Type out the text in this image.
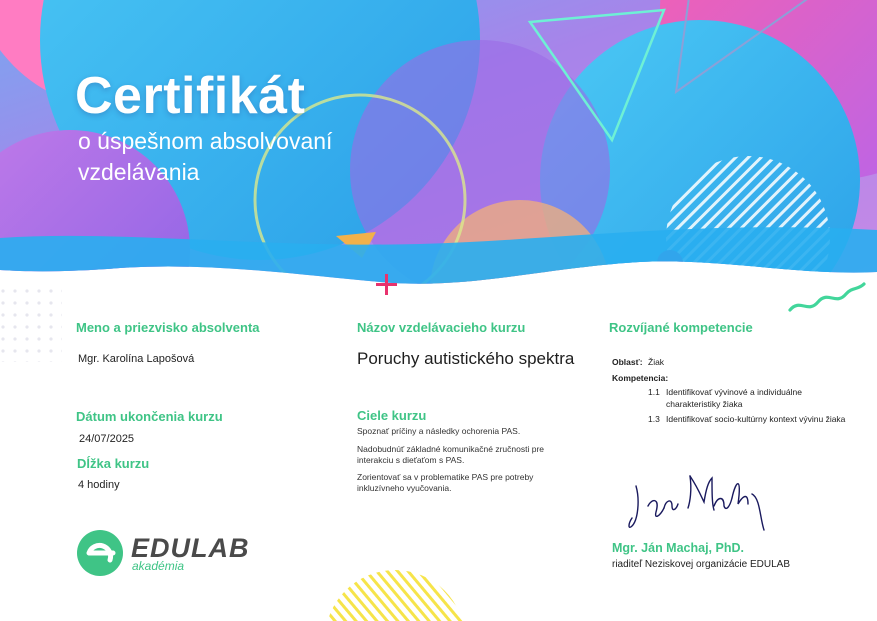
Certifikát
o úspešnom absolvovaní vzdelávania
Meno a priezvisko absolventa
Mgr. Karolína Lapošová
Dátum ukončenia kurzu
24/07/2025
Dĺžka kurzu
4 hodiny
EDULAB
akadémia
Názov vzdelávacieho kurzu
Poruchy autistického spektra
Ciele kurzu
Spoznať príčiny a následky ochorenia PAS.
Nadobudnúť základné komunikačné zručnosti pre interakciu s dieťaťom s PAS.
Zorientovať sa v problematike PAS pre potreby inkluzívneho vyučovania.
Rozvíjané kompetencie
Oblasť: Žiak
Kompetencia:
1.1 Identifikovať vývinové a individuálne charakteristiky žiaka
1.3 Identifikovať socio-kultúrny kontext vývinu žiaka
Mgr. Ján Machaj, PhD.
riaditeľ Neziskovej organizácie EDULAB
